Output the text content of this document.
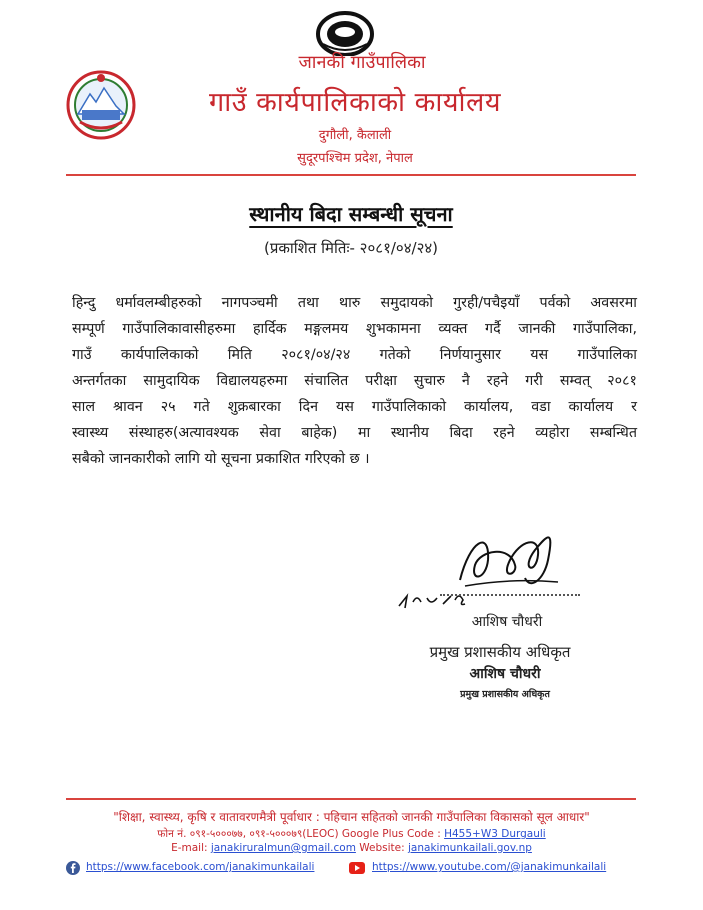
जानकी गाउँपालिका
गाउँ कार्यपालिकाको कार्यालय
दुगौली, कैलाली
सुदूरपश्चिम प्रदेश, नेपाल
स्थानीय बिदा सम्बन्धी सूचना
(प्रकाशित मितिः- २०८१/०४/२४)
हिन्दु धर्मावलम्बीहरुको नागपञ्चमी तथा थारु समुदायको गुरही/पचैइयाँ पर्वको अवसरमा
सम्पूर्ण गाउँपालिकावासीहरुमा हार्दिक मङ्गलमय शुभकामना व्यक्त गर्दै जानकी गाउँपालिका,
गाउँ कार्यपालिकाको मिति २०८१/०४/२४ गतेको निर्णयानुसार यस गाउँपालिका
अन्तर्गतका सामुदायिक विद्यालयहरुमा संचालित परीक्षा सुचारु नै रहने गरी सम्वत् २०८१
साल श्रावन २५ गते शुक्रबारका दिन यस गाउँपालिकाको कार्यालय, वडा कार्यालय र
स्वास्थ्य संस्थाहरु(अत्यावश्यक सेवा बाहेक) मा स्थानीय बिदा रहने व्यहोरा सम्बन्धित
सबैको जानकारीको लागि यो सूचना प्रकाशित गरिएको छ ।
आशिष चौधरी
प्रमुख प्रशासकीय अधिकृत
आशिष चौधरी
प्रमुख प्रशासकीय अधिकृत
"शिक्षा, स्वास्थ्य, कृषि र वातावरणमैत्री पूर्वाधार : पहिचान सहितको जानकी गाउँपालिका विकासको सूल आधार"
फोन नं. ०९१-५०००७७, ०९१-५०००७९(LEOC) Google Plus Code : H455+W3 Durgauli
E-mail: janakiruralmun@gmail.com Website: janakimunkailali.gov.np
https://www.facebook.com/janakimunkailali	https://www.youtube.com/@janakimunkailali
